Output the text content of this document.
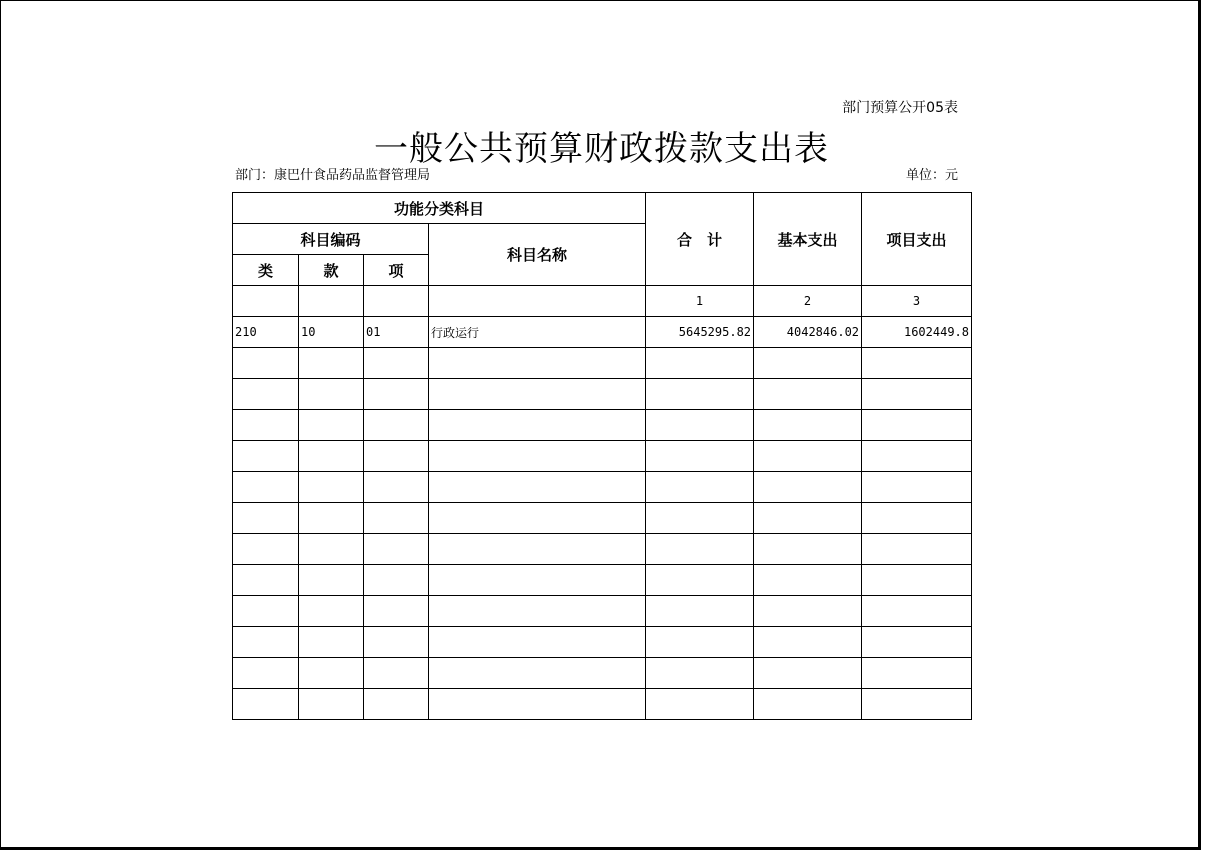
部门预算公开05表
一般公共预算财政拨款支出表
部门：康巴什食品药品监督管理局	单位：元
功能分类科目				合　计	基本支出	项目支出
科目编码			科目名称			
类	款	项				
				1	2	3
210	10	01	行政运行	5645295.82	4042846.02	1602449.8
